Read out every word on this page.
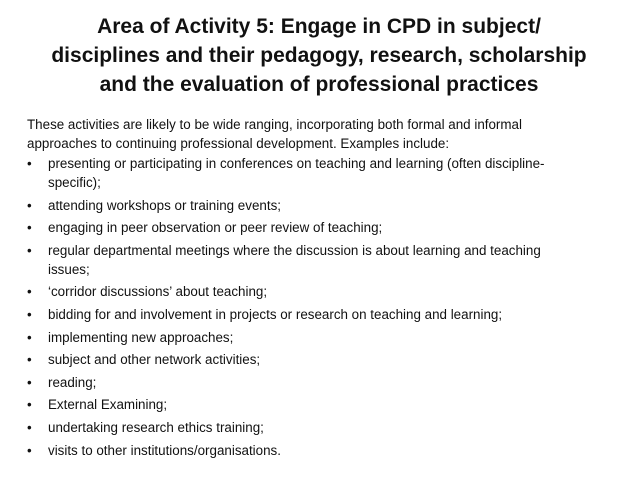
Area of Activity 5: Engage in CPD in subject/
disciplines and their pedagogy, research, scholarship
and the evaluation of professional practices
These activities are likely to be wide ranging, incorporating both formal and informal
approaches to continuing professional development. Examples include:
• presenting or participating in conferences on teaching and learning (often discipline-
specific);
• attending workshops or training events;
• engaging in peer observation or peer review of teaching;
• regular departmental meetings where the discussion is about learning and teaching
issues;
• ‘corridor discussions’ about teaching;
• bidding for and involvement in projects or research on teaching and learning;
• implementing new approaches;
• subject and other network activities;
• reading;
• External Examining;
• undertaking research ethics training;
• visits to other institutions/organisations.
